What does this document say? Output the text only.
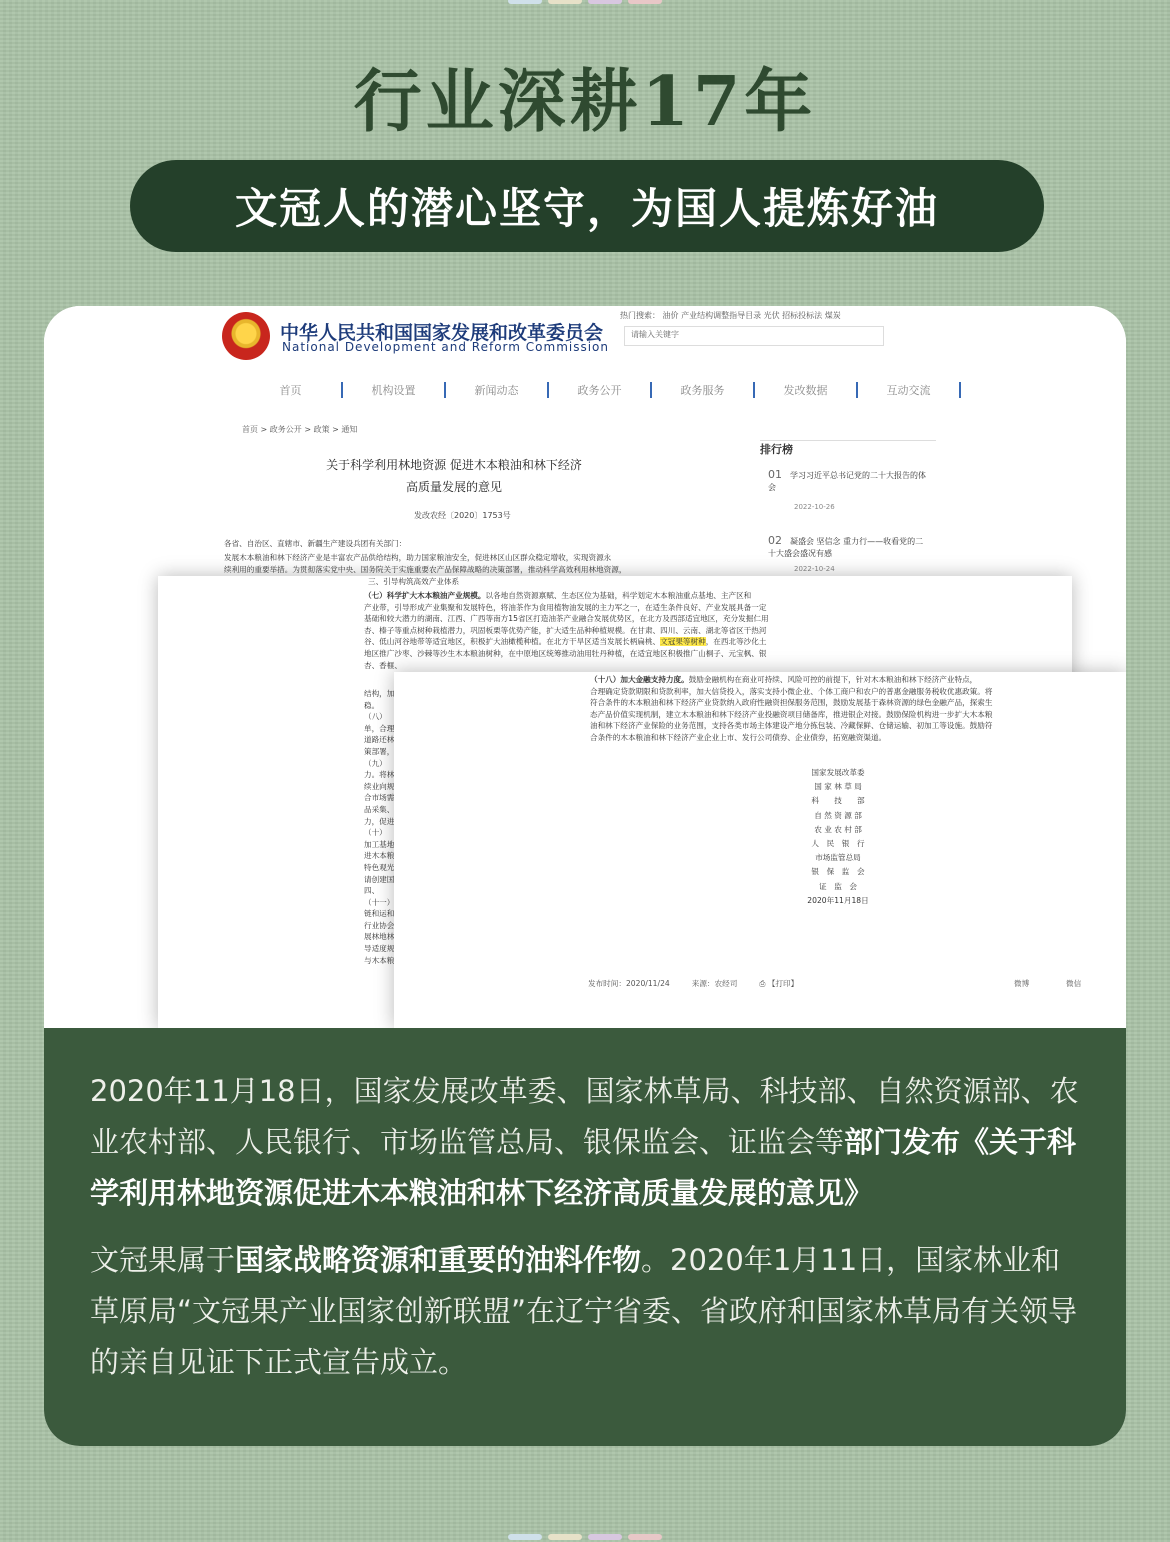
行业深耕17年
文冠人的潜心坚守，为国人提炼好油

中华人民共和国国家发展和改革委员会

National Development and Reform Commission

热门搜索： 油价 产业结构调整指导目录 光伏 招标投标法 煤炭

请输入关键字
首页	机构设置	新闻动态	政务公开	政务服务	发改数据	互动交流

首页 > 政务公开 > 政策 > 通知

关于科学利用林地资源 促进木本粮油和林下经济
高质量发展的意见

发改农经〔2020〕1753号

排行榜
01 学习习近平总书记党的二十大报告的体会
2022-10-26
02 凝盛会 坚信念 重力行——收看党的二十大盛会盛况有感
2022-10-24

各省、自治区、直辖市、新疆生产建设兵团有关部门：

发展木本粮油和林下经济产业是丰富农产品供给结构，助力国家粮油安全，促进林区山区群众稳定增收，实现资源永
续利用的重要举措。为贯彻落实党中央、国务院关于实施重要农产品保障战略的决策部署，推动科学高效利用林地资源，

三、引导构筑高效产业体系

（七）科学扩大木本粮油产业规模。以各地自然资源禀赋、生态区位为基础，科学划定木本粮油重点基地、主产区和
产业带，引导形成产业集聚和发展特色，将油茶作为食用植物油发展的主力军之一，在适生条件良好、产业发展具备一定
基础和较大潜力的湖南、江西、广西等南方15省区打造油茶产业融合发展优势区，在北方及西部适宜地区，充分发掘仁用
杏、榛子等重点树种栽植潜力，巩固板栗等优势产能，扩大适生品种种植规模。在甘肃、四川、云南、湖北等省区干热河
谷、低山河谷地带等适宜地区，积极扩大油橄榄种植。在北方干旱区适当发展长柄扁桃、文冠果等树种，在西北等沙化土
地区推广沙枣、沙棘等沙生木本粮油树种，在中原地区统筹推动油用牡丹种植，在适宜地区积极推广山桐子、元宝枫、银
杏、香榧、

结构，加
稳。
（八）
单，合理
道路还林
策部署，
（九）
力。将林
续业向规
合市场需
品采集、
力，促进
（十）
加工基地
进木本粮
特色观光
请创建国
四、
（十一）
链和运和
行业协会
展林地林
导适度规
与木本粮

（十八）加大金融支持力度。鼓励金融机构在商业可持续、风险可控的前提下，针对木本粮油和林下经济产业特点，
合理确定贷款期限和贷款利率，加大信贷投入，落实支持小微企业、个体工商户和农户的普惠金融服务税收优惠政策。将
符合条件的木本粮油和林下经济产业贷款纳入政府性融资担保服务范围，鼓励发展基于森林资源的绿色金融产品，探索生
态产品价值实现机制，建立木本粮油和林下经济产业投融资项目储备库，推进银企对接。鼓励保险机构进一步扩大木本粮
油和林下经济产业保险的业务范围，支持各类市场主体建设产地分拣包装、冷藏保鲜、仓储运输、初加工等设施。鼓励符
合条件的木本粮油和林下经济产业企业上市、发行公司债券、企业债券，拓宽融资渠道。

国家发展改革委
国 家 林 草 局
科　　技　　部
自 然 资 源 部
农 业 农 村 部
人　民　银　行
市场监管总局
银　保　监　会
证　监　会
2020年11月18日
发布时间：2020/11/24	来源：农经司	⎙ 【打印】	微博	微信

2020年11月18日，国家发展改革委、国家林草局、科技部、自然资源部、农业农村部、人民银行、市场监管总局、银保监会、证监会等部门发布《关于科学利用林地资源促进木本粮油和林下经济高质量发展的意见》

文冠果属于国家战略资源和重要的油料作物。2020年1月11日，国家林业和草原局“文冠果产业国家创新联盟”在辽宁省委、省政府和国家林草局有关领导的亲自见证下正式宣告成立。
